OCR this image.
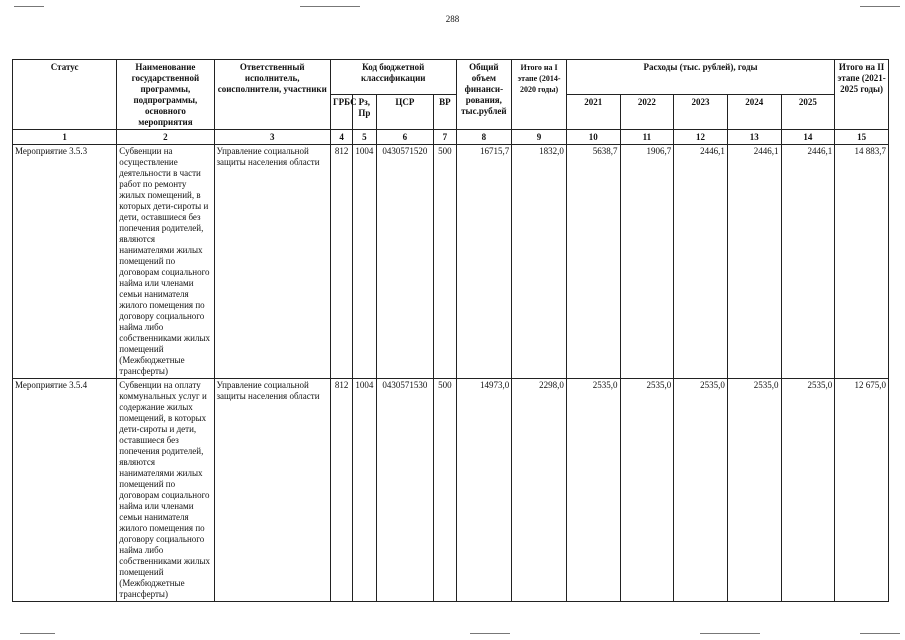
288
Статус	Наименование государственной программы, подпрограммы, основного мероприятия	Ответственный исполнитель, соисполнители, участники	Код бюджетной классификации				Общий объем финанси-рования, тыс.рублей	Итого на I этапе (2014-2020 годы)	Расходы (тыс. рублей), годы					Итого на II этапе (2021-2025 годы)
			ГРБС	Рз, Пр	ЦСР	ВР			2021	2022	2023	2024	2025	
1	2	3	4	5	6	7	8	9	10	11	12	13	14	15
Мероприятие 3.5.3	Субвенции на осуществление деятельности в части работ по ремонту жилых помещений, в которых дети-сироты и дети, оставшиеся без попечения родителей, являются нанимателями жилых помещений по договорам социального найма или членами семьи нанимателя жилого помещения по договору социального найма либо собственниками жилых помещений (Межбюджетные трансферты)	Управление социальной защиты населения области	812	1004	0430571520	500	16715,7	1832,0	5638,7	1906,7	2446,1	2446,1	2446,1	14 883,7
Мероприятие 3.5.4	Субвенции на оплату коммунальных услуг и содержание жилых помещений, в которых дети-сироты и дети, оставшиеся без попечения родителей, являются нанимателями жилых помещений по договорам социального найма или членами семьи нанимателя жилого помещения по договору социального найма либо собственниками жилых помещений (Межбюджетные трансферты)	Управление социальной защиты населения области	812	1004	0430571530	500	14973,0	2298,0	2535,0	2535,0	2535,0	2535,0	2535,0	12 675,0
